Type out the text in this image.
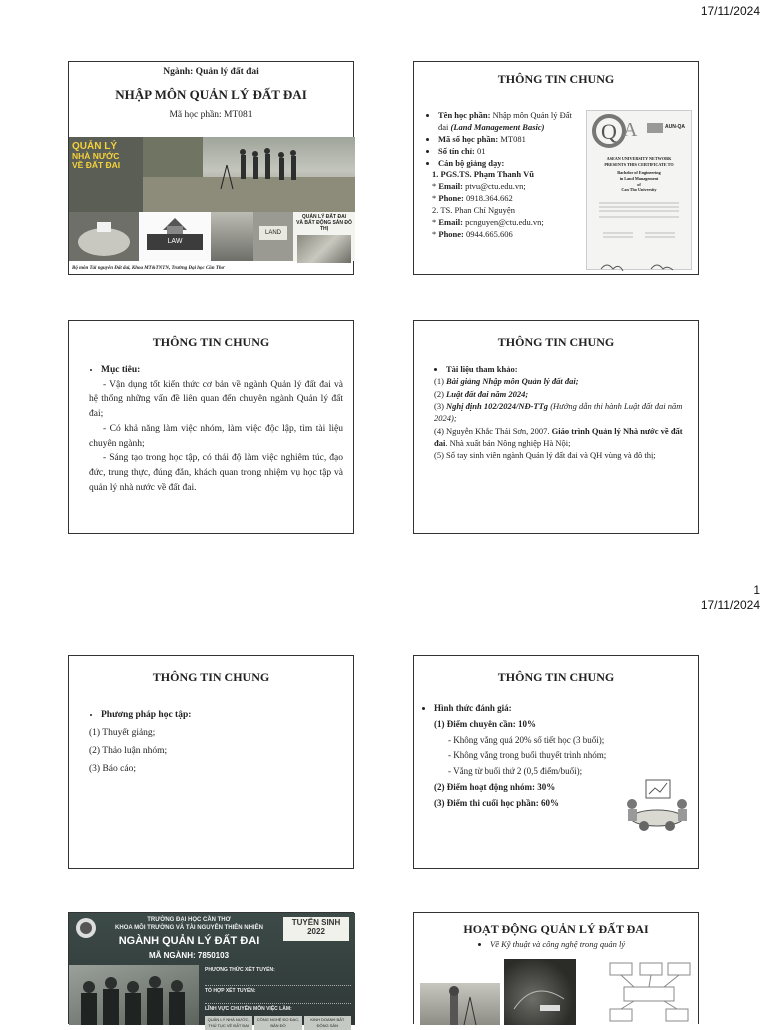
17/11/2024
Ngành: Quản lý đất đai
NHẬP MÔN QUẢN LÝ ĐẤT ĐAI
Mã học phần: MT081
QUẢN LÝ
NHÀ NƯỚC
VỀ ĐẤT ĐAI
LAW
LAND
QUẢN LÝ ĐẤT ĐAI
VÀ BẤT ĐỘNG SẢN ĐÔ THỊ
Bộ môn Tài nguyên Đất đai, Khoa MT&TNTN, Trường Đại học Cần Thơ
THÔNG TIN CHUNG
• Tên học phần: Nhập môn Quản lý Đất đai (Land Management Basic)
• Mã số học phần: MT081
• Số tín chỉ: 01
• Cán bộ giảng dạy:
1. PGS.TS. Phạm Thanh Vũ
* Email: ptvu@ctu.edu.vn;
* Phone: 0918.364.662
2. TS. Phan Chí Nguyện
* Email: pcnguyen@ctu.edu.vn;
* Phone: 0944.665.606
Q A	AUN-QA
ASEAN UNIVERSITY NETWORK
PRESENTS THIS CERTIFICATE TO
Bachelor of Engineering
in Land Management
of
Can Tho University
THÔNG TIN CHUNG
• Mục tiêu:
- Vận dụng tốt kiến thức cơ bản về ngành Quản lý đất đai và hệ thống những vấn đề liên quan đến chuyên ngành Quản lý đất đai;
- Có khả năng làm việc nhóm, làm việc độc lập, tìm tài liệu chuyên ngành;
- Sáng tạo trong học tập, có thái độ làm việc nghiêm túc, đạo đức, trung thực, đúng đắn, khách quan trong nhiệm vụ học tập và quản lý nhà nước về đất đai.
THÔNG TIN CHUNG
• Tài liệu tham khảo:
(1) Bài giảng Nhập môn Quản lý đất đai;
(2) Luật đất đai năm 2024;
(3) Nghị định 102/2024/NĐ-TTg (Hướng dẫn thi hành Luật đất đai năm 2024);
(4) Nguyễn Khắc Thái Sơn, 2007. Giáo trình Quản lý Nhà nước về đất đai. Nhà xuất bản Nông nghiệp Hà Nội;
(5) Sổ tay sinh viên ngành Quản lý đất đai và QH vùng và đô thị;
1
17/11/2024
THÔNG TIN CHUNG
• Phương pháp học tập:
(1) Thuyết giảng;
(2) Thảo luận nhóm;
(3) Báo cáo;
THÔNG TIN CHUNG
• Hình thức đánh giá:
(1) Điểm chuyên cần: 10%
- Không vắng quá 20% số tiết học (3 buổi);
- Không vắng trong buổi thuyết trình nhóm;
- Vắng từ buổi thứ 2 (0,5 điểm/buổi);
(2) Điểm hoạt động nhóm: 30%
(3) Điểm thi cuối học phần: 60%
TRƯỜNG ĐẠI HỌC CẦN THƠ
KHOA MÔI TRƯỜNG VÀ TÀI NGUYÊN THIÊN NHIÊN
NGÀNH QUẢN LÝ ĐẤT ĐAI
MÃ NGÀNH: 7850103
TUYỂN SINH
2022
PHƯƠNG THỨC XÉT TUYỂN:
TỔ HỢP XÉT TUYỂN:
LĨNH VỰC CHUYÊN MÔN VIỆC LÀM:
QUẢN LÝ NHÀ NƯỚC, THỦ TỤC VỀ ĐẤT ĐAI
CÔNG NGHỆ ĐO ĐẠC, BẢN ĐỒ
KINH DOANH BẤT ĐỘNG SẢN
HOẠT ĐỘNG QUẢN LÝ ĐẤT ĐAI
• Về Kỹ thuật và công nghệ trong quản lý
